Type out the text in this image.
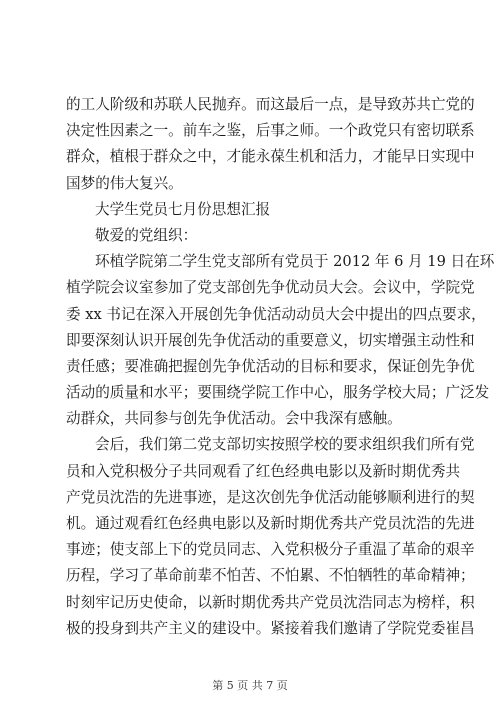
的工人阶级和苏联人民抛弃。而这最后一点，是导致苏共亡党的
决定性因素之一。前车之鉴，后事之师。一个政党只有密切联系
群众，植根于群众之中，才能永葆生机和活力，才能早日实现中
国梦的伟大复兴。
大学生党员七月份思想汇报
敬爱的党组织：
环植学院第二学生党支部所有党员于 2012 年 6 月 19 日在环
植学院会议室参加了党支部创先争优动员大会。会议中，学院党
委 xx 书记在深入开展创先争优活动动员大会中提出的四点要求，
即要深刻认识开展创先争优活动的重要意义，切实增强主动性和
责任感；要准确把握创先争优活动的目标和要求，保证创先争优
活动的质量和水平；要围绕学院工作中心，服务学校大局；广泛发
动群众，共同参与创先争优活动。会中我深有感触。
会后，我们第二党支部切实按照学校的要求组织我们所有党
员和入党积极分子共同观看了红色经典电影以及新时期优秀共
产党员沈浩的先进事迹，是这次创先争优活动能够顺利进行的契
机。通过观看红色经典电影以及新时期优秀共产党员沈浩的先进
事迹；使支部上下的党员同志、入党积极分子重温了革命的艰辛
历程，学习了革命前辈不怕苦、不怕累、不怕牺牲的革命精神；
时刻牢记历史使命，以新时期优秀共产党员沈浩同志为榜样，积
极的投身到共产主义的建设中。紧接着我们邀请了学院党委崔昌
第 5 页 共 7 页
